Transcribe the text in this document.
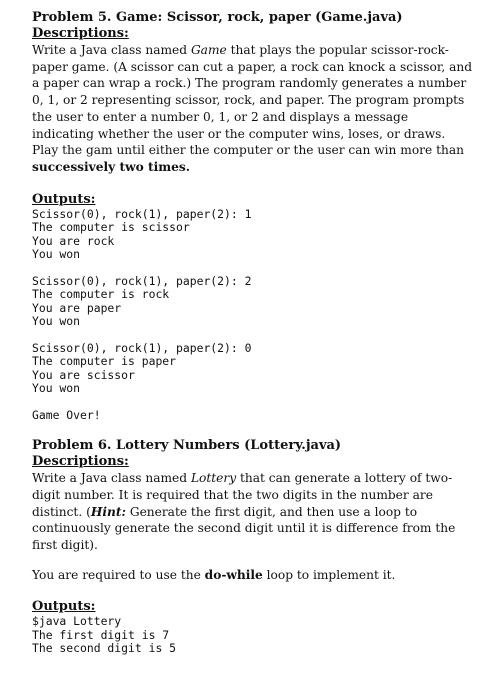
Problem 5. Game: Scissor, rock, paper (Game.java)

Descriptions:

Write a Java class named Game that plays the popular scissor-rock-paper game. (A scissor can cut a paper, a rock can knock a scissor, and a paper can wrap a rock.) The program randomly generates a number 0, 1, or 2 representing scissor, rock, and paper. The program prompts the user to enter a number 0, 1, or 2 and displays a message indicating whether the user or the computer wins, loses, or draws. Play the gam until either the computer or the user can win more than successively two times.

Outputs:

Scissor(0), rock(1), paper(2): 1

The computer is scissor

You are rock

You won

Scissor(0), rock(1), paper(2): 2

The computer is rock

You are paper

You won

Scissor(0), rock(1), paper(2): 0

The computer is paper

You are scissor

You won

Game Over!

Problem 6. Lottery Numbers (Lottery.java)

Descriptions:

Write a Java class named Lottery that can generate a lottery of two-digit number. It is required that the two digits in the number are distinct. (Hint: Generate the first digit, and then use a loop to continuously generate the second digit until it is difference from the first digit).

You are required to use the do-while loop to implement it.

Outputs:

$java Lottery

The first digit is 7

The second digit is 5
